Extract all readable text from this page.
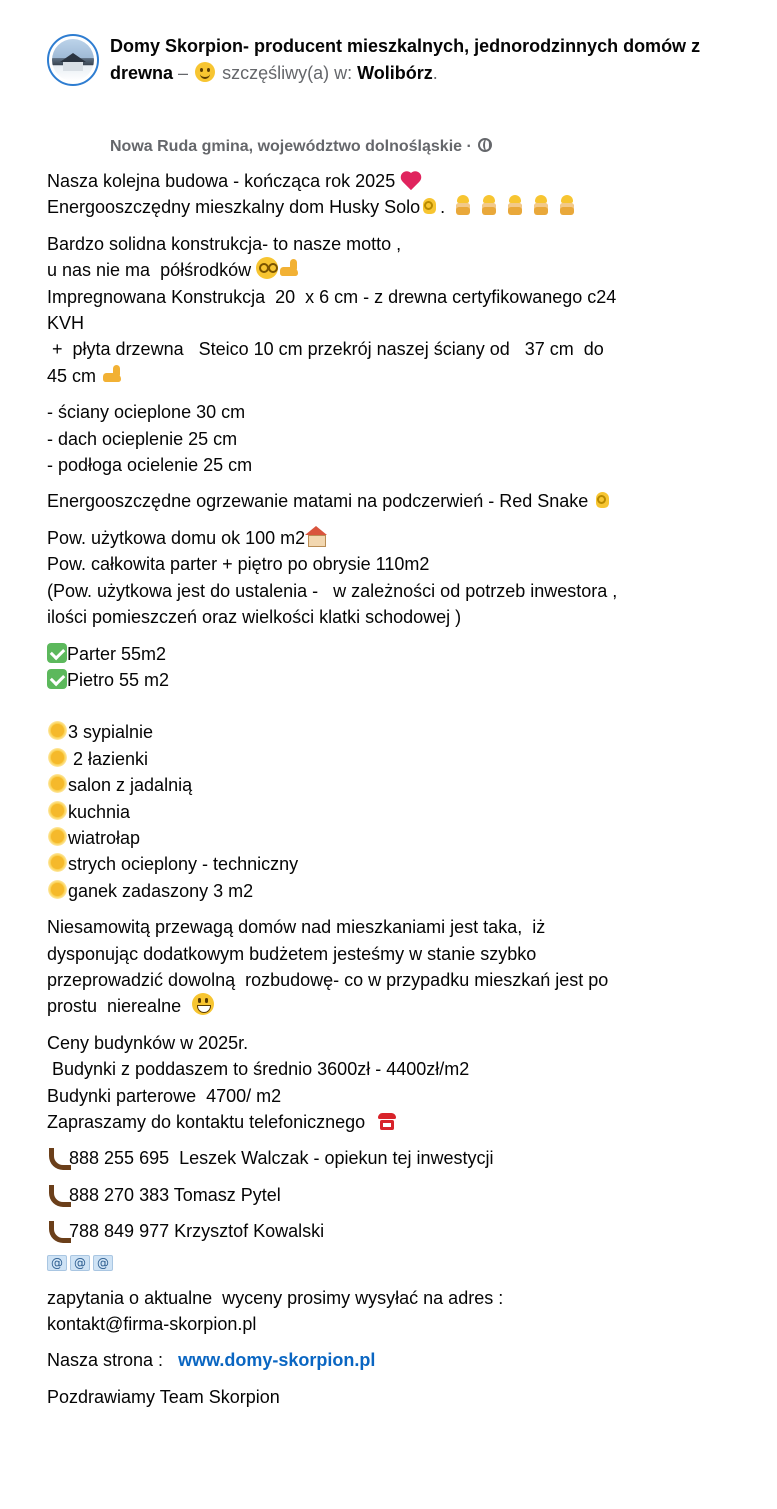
Domy Skorpion- producent mieszkalnych, jednorodzinnych domów z drewna – szczęśliwy(a) w: Wolibórz.
Nowa Ruda gmina, województwo dolnośląskie ·
Nasza kolejna budowa - kończąca rok 2025
Energooszczędny mieszkalny dom Husky Solo .
Bardzo solidna konstrukcja- to nasze motto ,
u nas nie ma  półśrodków
Impregnowana Konstrukcja  20  x 6 cm - z drewna certyfikowanego c24
KVH
+  płyta drzewna   Steico 10 cm przekrój naszej ściany od   37 cm  do
45 cm
- ściany ocieplone 30 cm
- dach ocieplenie 25 cm
- podłoga ocielenie 25 cm
Energooszczędne ogrzewanie matami na podczerwień - Red Snake
Pow. użytkowa domu ok 100 m2
Pow. całkowita parter + piętro po obrysie 110m2
(Pow. użytkowa jest do ustalenia -   w zależności od potrzeb inwestora ,
ilości pomieszczeń oraz wielkości klatki schodowej )
Parter 55m2
Pietro 55 m2
3 sypialnie
2 łazienki
salon z jadalnią
kuchnia
wiatrołap
strych ocieplony - techniczny
ganek zadaszony 3 m2
Niesamowitą przewagą domów nad mieszkaniami jest taka,  iż
dysponując dodatkowym budżetem jesteśmy w stanie szybko
przeprowadzić dowolną  rozbudowę- co w przypadku mieszkań jest po
prostu  nierealne
Ceny budynków w 2025r.
Budynki z poddaszem to średnio 3600zł - 4400zł/m2
Budynki parterowe  4700/ m2
Zapraszamy do kontaktu telefonicznego
888 255 695  Leszek Walczak - opiekun tej inwestycji
888 270 383 Tomasz Pytel
788 849 977 Krzysztof Kowalski
@ @ @
zapytania o aktualne  wyceny prosimy wysyłać na adres :
kontakt@firma-skorpion.pl
Nasza strona : www.domy-skorpion.pl
Pozdrawiamy Team Skorpion
